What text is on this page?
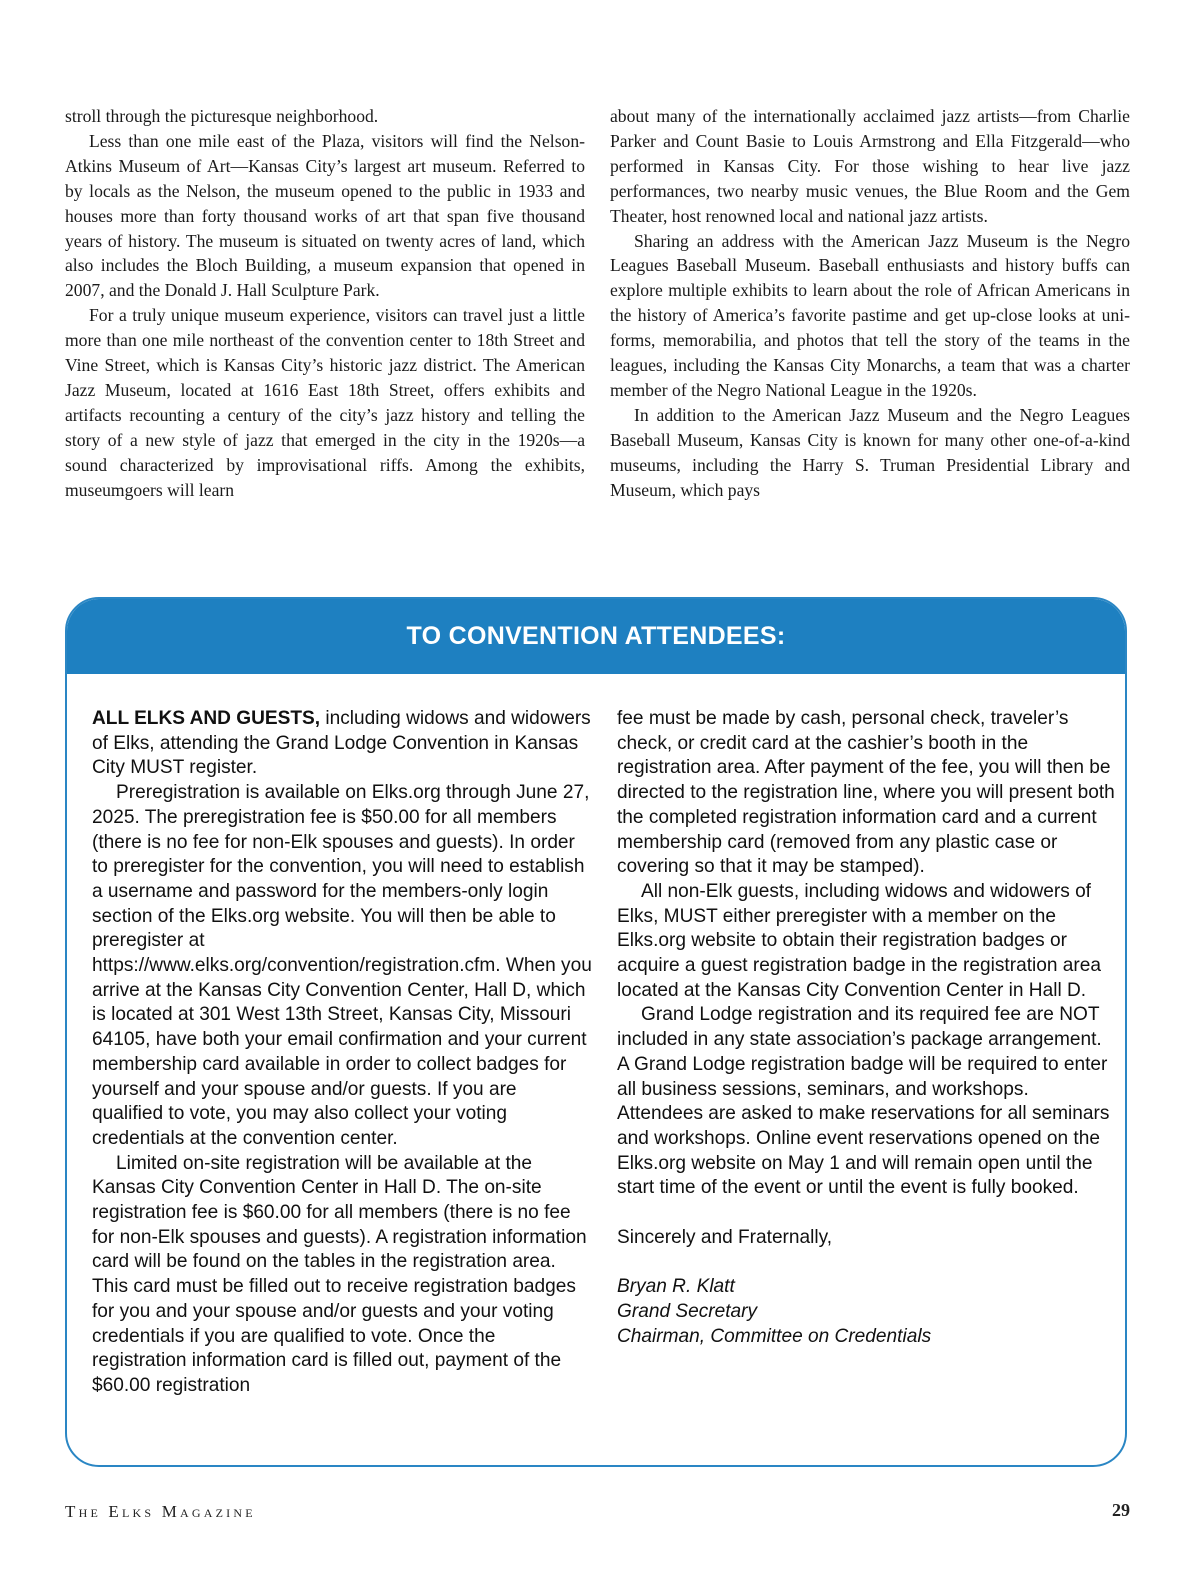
stroll through the picturesque neighborhood.

Less than one mile east of the Plaza, visitors will find the Nelson-Atkins Museum of Art—Kansas City’s largest art museum. Referred to by locals as the Nelson, the museum opened to the public in 1933 and houses more than forty thousand works of art that span five thousand years of history. The museum is situated on twenty acres of land, which also includes the Bloch Building, a museum expansion that opened in 2007, and the Donald J. Hall Sculpture Park.

For a truly unique museum experience, visitors can travel just a little more than one mile northeast of the convention center to 18th Street and Vine Street, which is Kansas City’s historic jazz district. The American Jazz Museum, located at 1616 East 18th Street, offers exhibits and artifacts recounting a century of the city’s jazz history and telling the story of a new style of jazz that emerged in the city in the 1920s—a sound characterized by improvisational riffs. Among the exhibits, museumgoers will learn

about many of the internationally acclaimed jazz artists—from Charlie Parker and Count Basie to Louis Armstrong and Ella Fitzgerald—who performed in Kansas City. For those wishing to hear live jazz performances, two nearby music venues, the Blue Room and the Gem Theater, host renowned local and national jazz artists.

Sharing an address with the American Jazz Museum is the Negro Leagues Baseball Museum. Baseball enthusiasts and history buffs can explore multiple exhibits to learn about the role of African Americans in the history of America’s favorite pastime and get up-close looks at uniforms, memorabilia, and photos that tell the story of the teams in the leagues, including the Kansas City Monarchs, a team that was a charter member of the Negro National League in the 1920s.

In addition to the American Jazz Museum and the Negro Leagues Baseball Museum, Kansas City is known for many other one-of-a-kind museums, including the Harry S. Truman Presidential Library and Museum, which pays

TO CONVENTION ATTENDEES:

ALL ELKS AND GUESTS, including widows and widowers of Elks, attending the Grand Lodge Convention in Kansas City MUST register.

Preregistration is available on Elks.org through June 27, 2025. The preregistration fee is $50.00 for all members (there is no fee for non-Elk spouses and guests). In order to preregister for the convention, you will need to establish a username and password for the members-only login section of the Elks.org website. You will then be able to preregister at https://www.elks.org/convention/registration.cfm. When you arrive at the Kansas City Convention Center, Hall D, which is located at 301 West 13th Street, Kansas City, Missouri 64105, have both your email confirmation and your current membership card available in order to collect badges for yourself and your spouse and/or guests. If you are qualified to vote, you may also collect your voting credentials at the convention center.

Limited on-site registration will be available at the Kansas City Convention Center in Hall D. The on-site registration fee is $60.00 for all members (there is no fee for non-Elk spouses and guests). A registration information card will be found on the tables in the registration area. This card must be filled out to receive registration badges for you and your spouse and/or guests and your voting credentials if you are qualified to vote. Once the registration information card is filled out, payment of the $60.00 registration

fee must be made by cash, personal check, traveler’s check, or credit card at the cashier’s booth in the registration area. After payment of the fee, you will then be directed to the registration line, where you will present both the completed registration information card and a current membership card (removed from any plastic case or covering so that it may be stamped).

All non-Elk guests, including widows and widowers of Elks, MUST either preregister with a member on the Elks.org website to obtain their registration badges or acquire a guest registration badge in the registration area located at the Kansas City Convention Center in Hall D.

Grand Lodge registration and its required fee are NOT included in any state association’s package arrangement. A Grand Lodge registration badge will be required to enter all business sessions, seminars, and workshops. Attendees are asked to make reservations for all seminars and workshops. Online event reservations opened on the Elks.org website on May 1 and will remain open until the start time of the event or until the event is fully booked.

Sincerely and Fraternally,

Bryan R. Klatt
Grand Secretary
Chairman, Committee on Credentials
The Elks Magazine	29
